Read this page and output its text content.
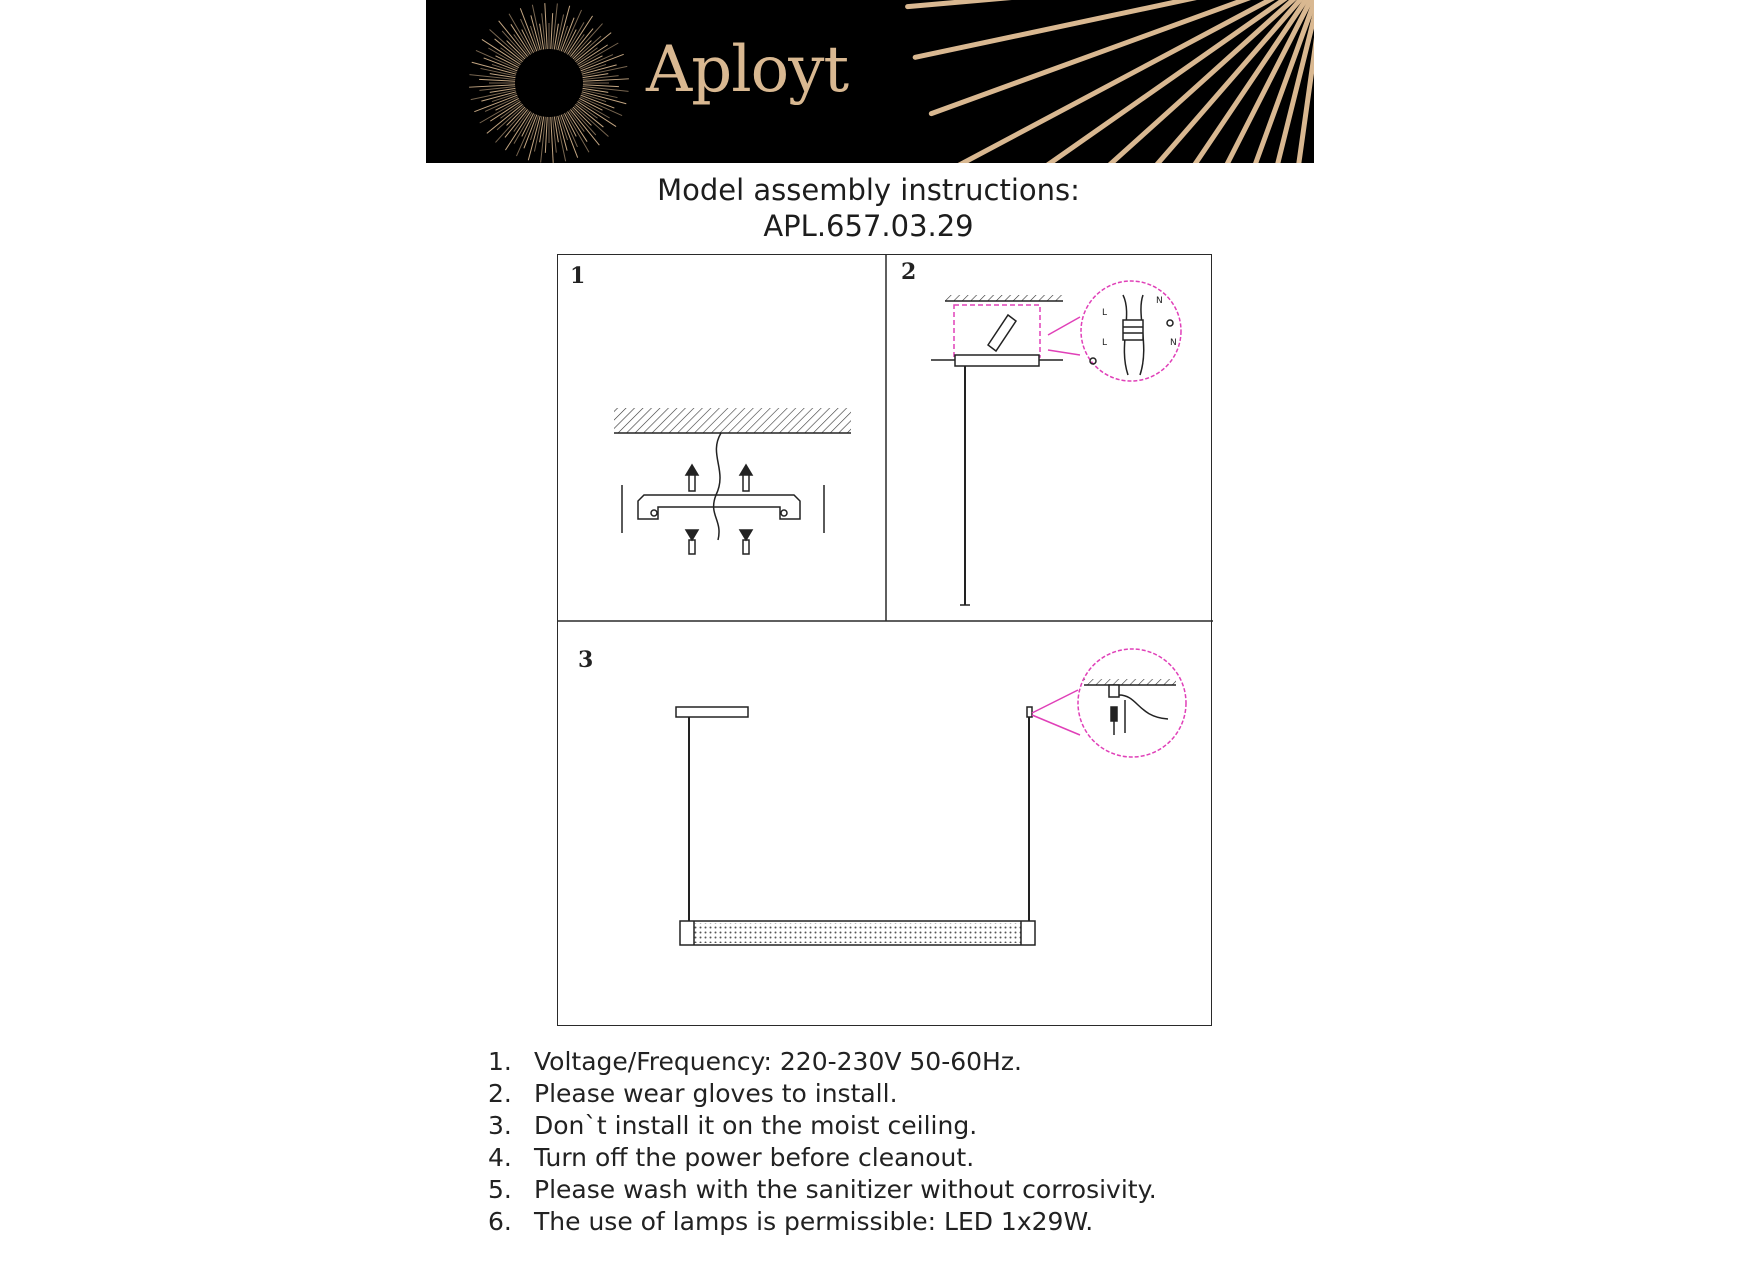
Aployt
Model assembly instructions:
APL.657.03.29
L
N
L	N
1	2
3
1. Voltage/Frequency: 220-230V 50-60Hz.
2. Please wear gloves to install.
3. Don`t install it on the moist ceiling.
4. Turn off the power before cleanout.
5. Please wash with the sanitizer without corrosivity.
6. The use of lamps is permissible: LED 1x29W.
